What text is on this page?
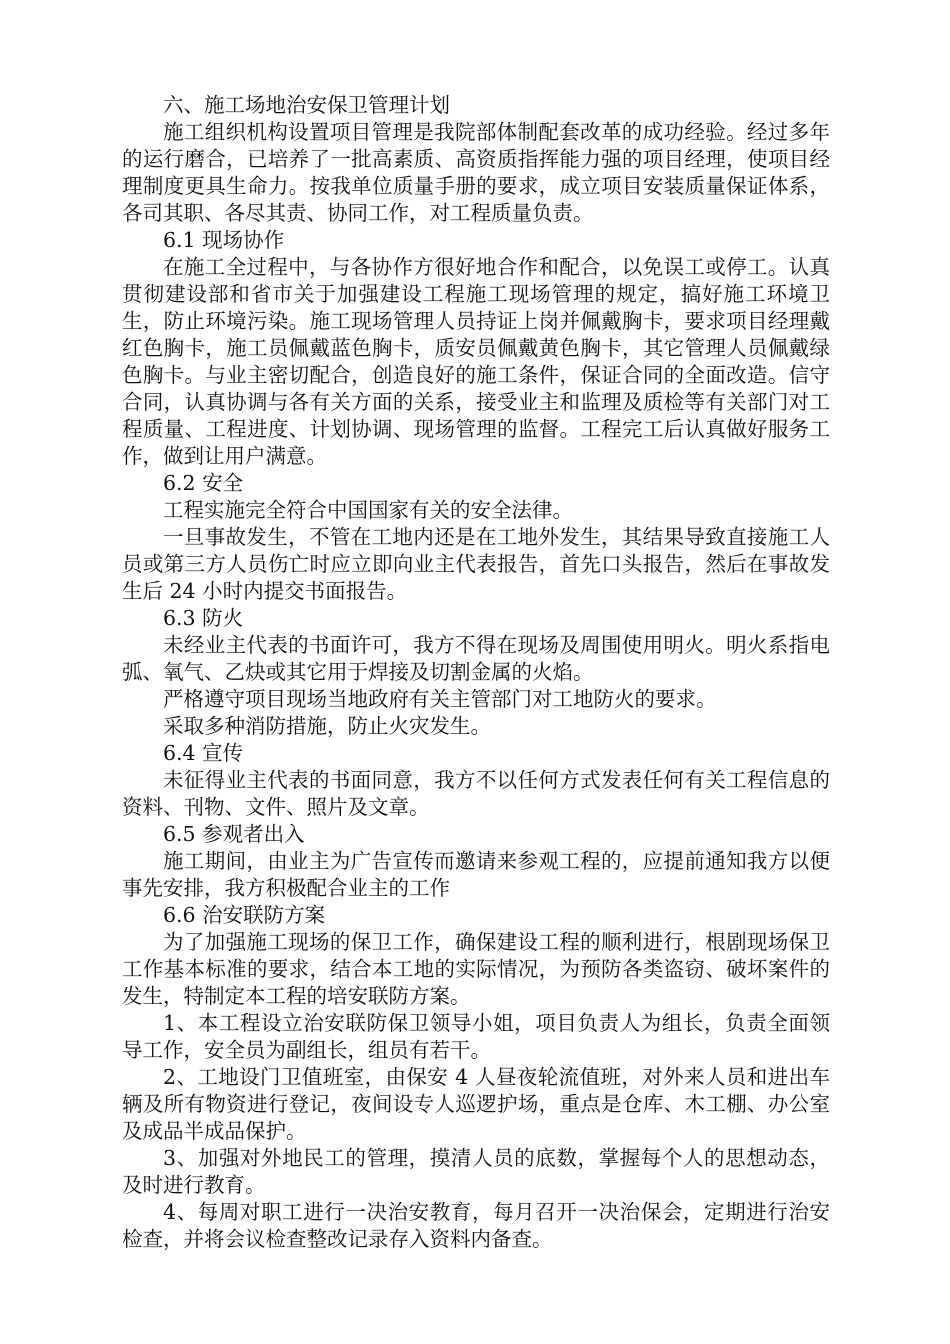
六、施工场地治安保卫管理计划

施工组织机构设置项目管理是我院部体制配套改革的成功经验。经过多年的运行磨合，已培养了一批高素质、高资质指挥能力强的项目经理，使项目经理制度更具生命力。按我单位质量手册的要求，成立项目安装质量保证体系，各司其职、各尽其责、协同工作，对工程质量负责。

6.1 现场协作

在施工全过程中，与各协作方很好地合作和配合，以免误工或停工。认真贯彻建设部和省市关于加强建设工程施工现场管理的规定，搞好施工环境卫生，防止环境污染。施工现场管理人员持证上岗并佩戴胸卡，要求项目经理戴红色胸卡，施工员佩戴蓝色胸卡，质安员佩戴黄色胸卡，其它管理人员佩戴绿色胸卡。与业主密切配合，创造良好的施工条件，保证合同的全面改造。信守合同，认真协调与各有关方面的关系，接受业主和监理及质检等有关部门对工程质量、工程进度、计划协调、现场管理的监督。工程完工后认真做好服务工作，做到让用户满意。

6.2 安全

工程实施完全符合中国国家有关的安全法律。

一旦事故发生，不管在工地内还是在工地外发生，其结果导致直接施工人员或第三方人员伤亡时应立即向业主代表报告，首先口头报告，然后在事故发生后 24 小时内提交书面报告。

6.3 防火

未经业主代表的书面许可，我方不得在现场及周围使用明火。明火系指电弧、氧气、乙炔或其它用于焊接及切割金属的火焰。

严格遵守项目现场当地政府有关主管部门对工地防火的要求。

采取多种消防措施，防止火灾发生。

6.4 宣传

未征得业主代表的书面同意，我方不以任何方式发表任何有关工程信息的资料、刊物、文件、照片及文章。

6.5 参观者出入

施工期间，由业主为广告宣传而邀请来参观工程的，应提前通知我方以便事先安排，我方积极配合业主的工作

6.6 治安联防方案

为了加强施工现场的保卫工作，确保建设工程的顺利进行，根剧现场保卫工作基本标准的要求，结合本工地的实际情况，为预防各类盗窃、破坏案件的发生，特制定本工程的培安联防方案。

1、本工程设立治安联防保卫领导小姐，项目负责人为组长，负责全面领导工作，安全员为副组长，组员有若干。

2、工地设门卫值班室，由保安 4 人昼夜轮流值班，对外来人员和进出车辆及所有物资进行登记，夜间设专人巡逻护场，重点是仓库、木工棚、办公室及成品半成品保护。

3、加强对外地民工的管理，摸清人员的底数，掌握每个人的思想动态，及时进行教育。

4、每周对职工进行一决治安教育，每月召开一决治保会，定期进行治安检查，并将会议检查整改记录存入资料内备查。
